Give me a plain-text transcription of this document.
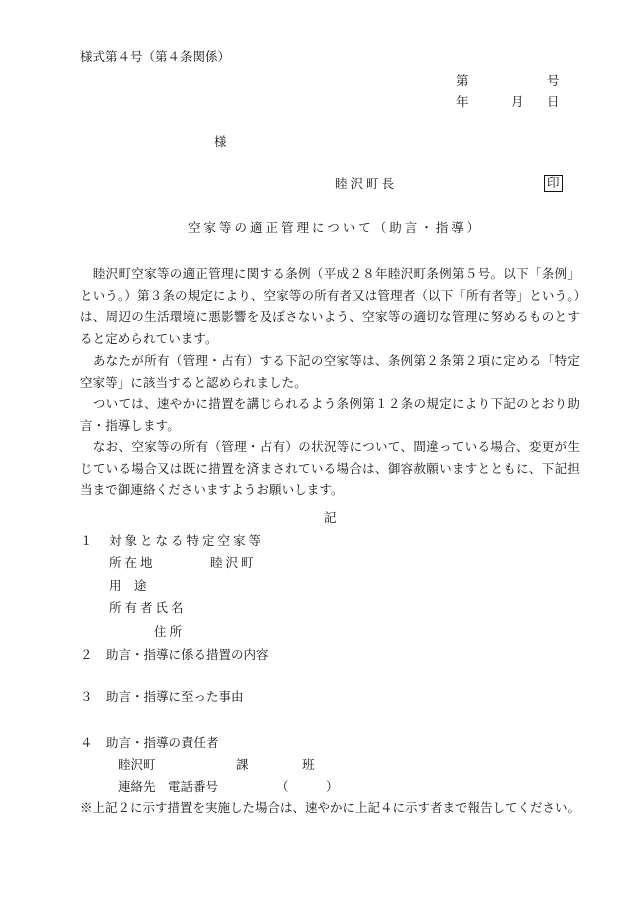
様式第４号（第４条関係）
第	号
年	月 日
様
睦沢町長	印
空家等の適正管理について（助言・指導）
　睦沢町空家等の適正管理に関する条例（平成２８年睦沢町条例第５号。以下「条例」という。）第３条の規定により、空家等の所有者又は管理者（以下「所有者等」という。）は、周辺の生活環境に悪影響を及ぼさないよう、空家等の適切な管理に努めるものとすると定められています。
　あなたが所有（管理・占有）する下記の空家等は、条例第２条第２項に定める「特定空家等」に該当すると認められました。
　ついては、速やかに措置を講じられるよう条例第１２条の規定により下記のとおり助言・指導します。
　なお、空家等の所有（管理・占有）の状況等について、間違っている場合、変更が生じている場合又は既に措置を済まされている場合は、御容赦願いますとともに、下記担当まで御連絡くださいますようお願いします。
記
１ 対象となる特定空家等
所在地	睦沢町
用　途
所有者氏名
住所
２ 助言・指導に係る措置の内容
３ 助言・指導に至った事由
４ 助言・指導の責任者
睦沢町	課	班
連絡先 電話番号	（　　　）
※上記２に示す措置を実施した場合は、速やかに上記４に示す者まで報告してください。
